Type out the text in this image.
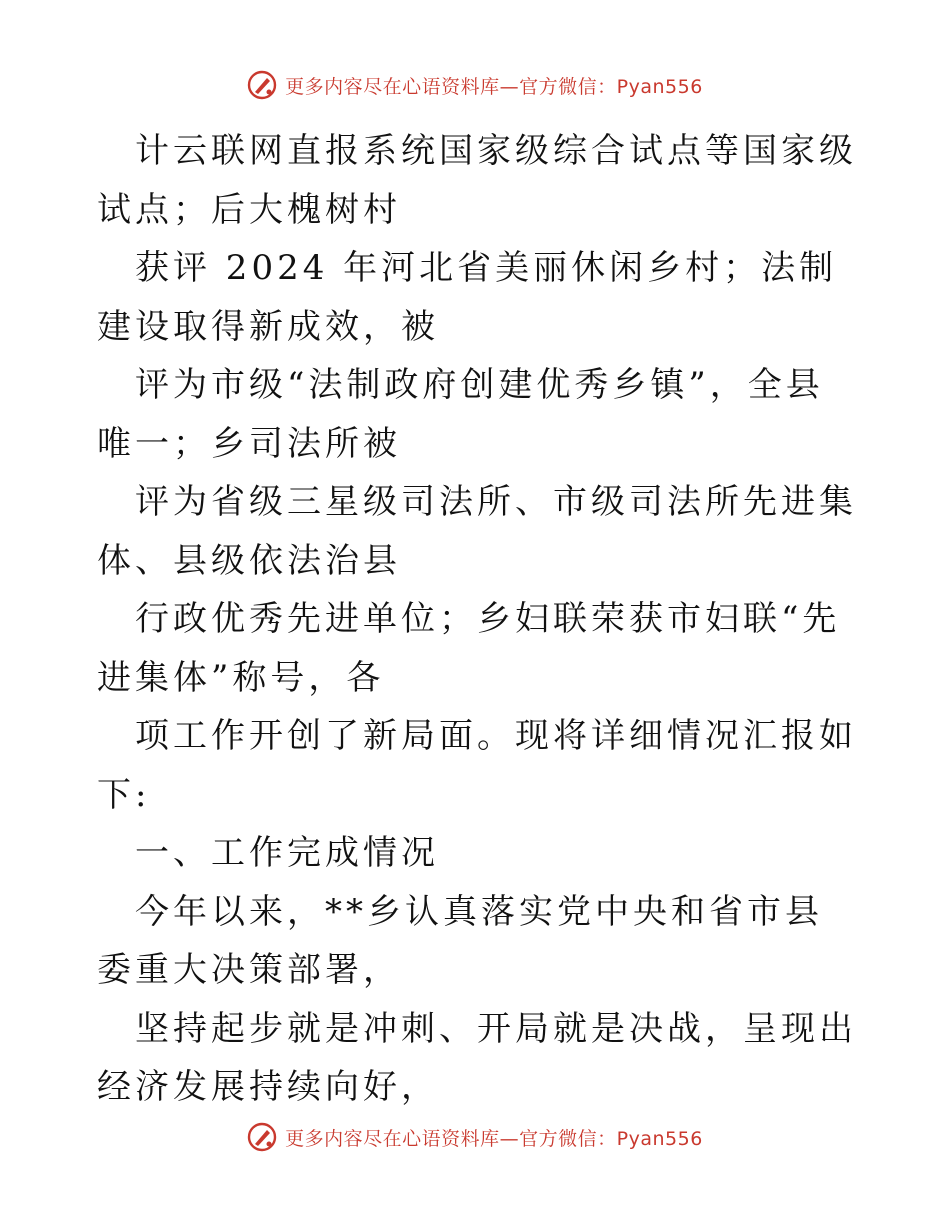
更多内容尽在心语资料库—官方微信：Pyan556

计云联网直报系统国家级综合试点等国家级试点；后大槐树村

获评 2024 年河北省美丽休闲乡村；法制建设取得新成效，被

评为市级“法制政府创建优秀乡镇”，全县唯一；乡司法所被

评为省级三星级司法所、市级司法所先进集体、县级依法治县

行政优秀先进单位；乡妇联荣获市妇联“先进集体”称号，各

项工作开创了新局面。现将详细情况汇报如下:

一、工作完成情况

今年以来，**乡认真落实党中央和省市县委重大决策部署，

坚持起步就是冲刺、开局就是决战，呈现出经济发展持续向好，

更多内容尽在心语资料库—官方微信：Pyan556
